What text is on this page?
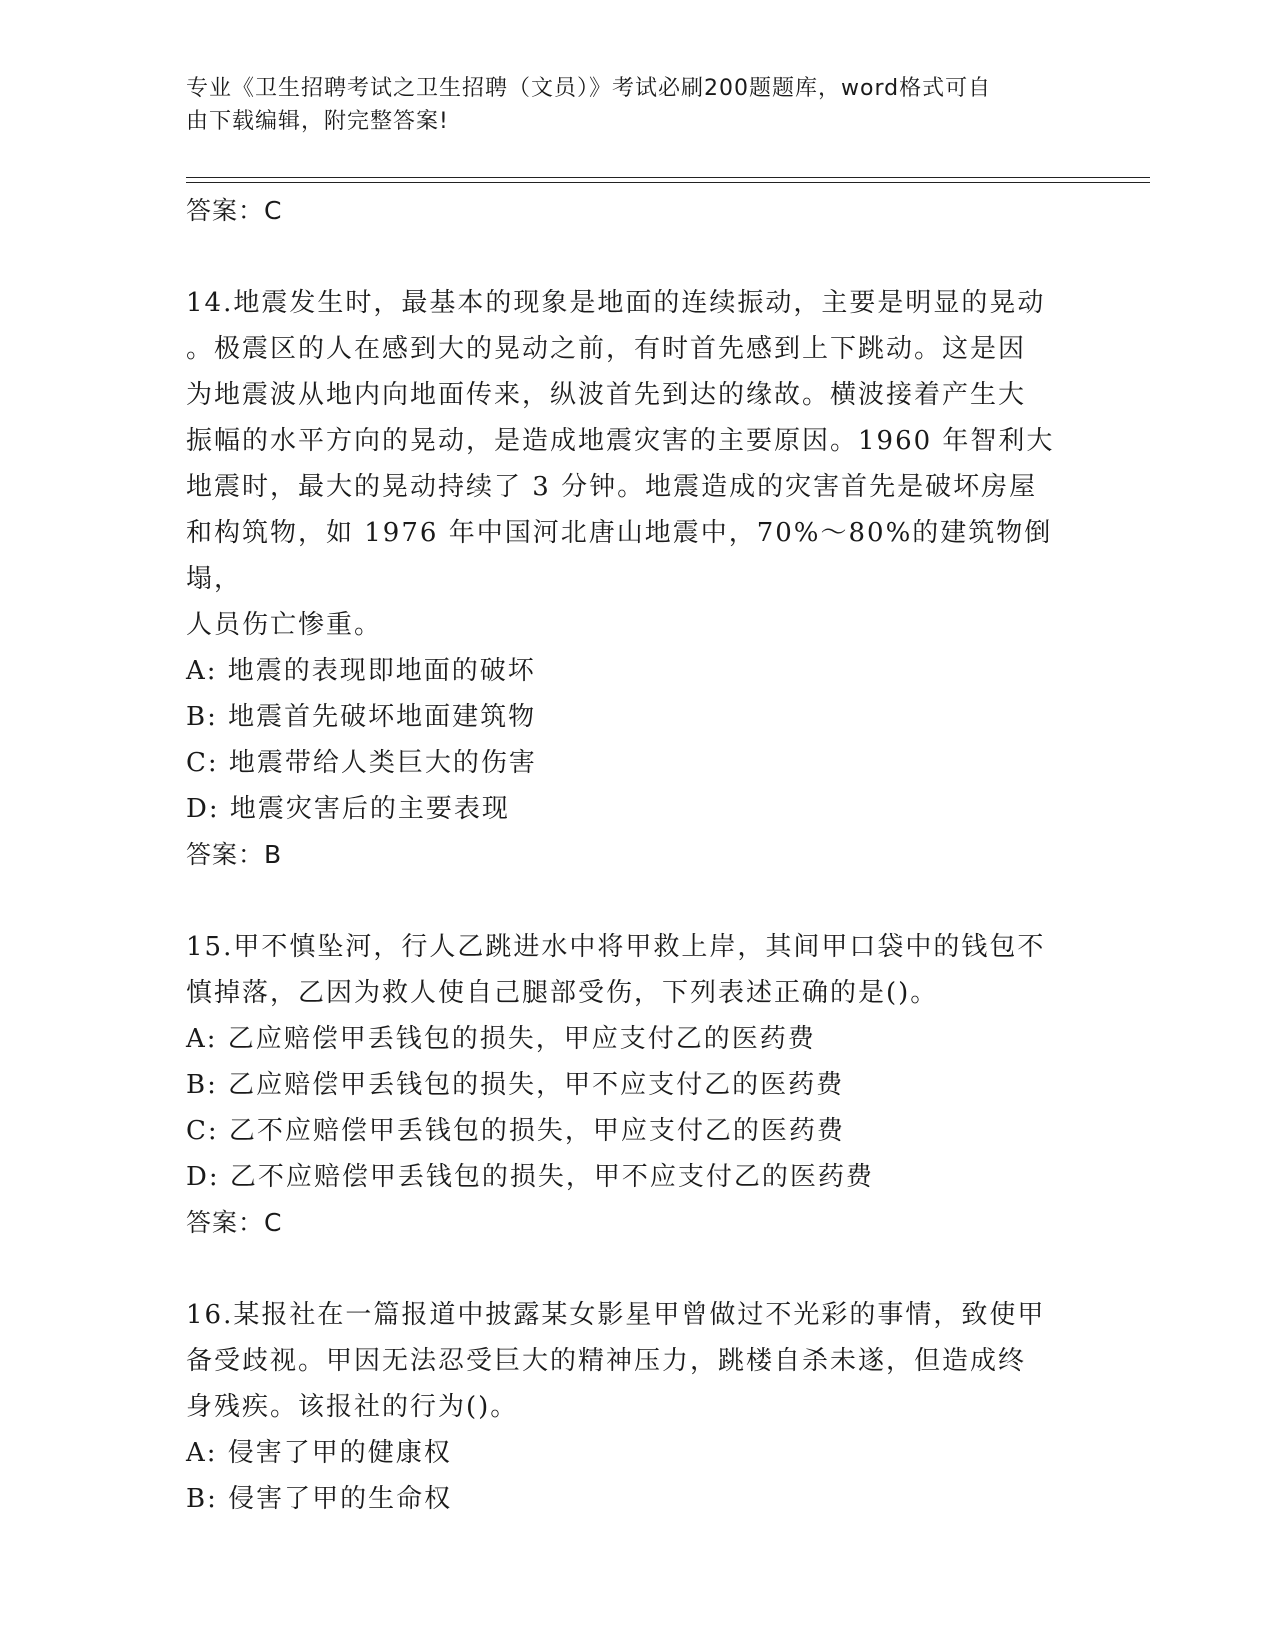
专业《卫生招聘考试之卫生招聘（文员）》考试必刷200题题库，word格式可自
由下载编辑，附完整答案!
答案：C
14.地震发生时，最基本的现象是地面的连续振动，主要是明显的晃动
。极震区的人在感到大的晃动之前，有时首先感到上下跳动。这是因
为地震波从地内向地面传来，纵波首先到达的缘故。横波接着产生大
振幅的水平方向的晃动，是造成地震灾害的主要原因。1960 年智利大
地震时，最大的晃动持续了 3 分钟。地震造成的灾害首先是破坏房屋
和构筑物，如 1976 年中国河北唐山地震中，70%～80%的建筑物倒塌，
人员伤亡惨重。
A: 地震的表现即地面的破坏
B: 地震首先破坏地面建筑物
C: 地震带给人类巨大的伤害
D: 地震灾害后的主要表现
答案：B
15.甲不慎坠河，行人乙跳进水中将甲救上岸，其间甲口袋中的钱包不
慎掉落，乙因为救人使自己腿部受伤，下列表述正确的是()。
A: 乙应赔偿甲丢钱包的损失，甲应支付乙的医药费
B: 乙应赔偿甲丢钱包的损失，甲不应支付乙的医药费
C: 乙不应赔偿甲丢钱包的损失，甲应支付乙的医药费
D: 乙不应赔偿甲丢钱包的损失，甲不应支付乙的医药费
答案：C
16.某报社在一篇报道中披露某女影星甲曾做过不光彩的事情，致使甲
备受歧视。甲因无法忍受巨大的精神压力，跳楼自杀未遂，但造成终
身残疾。该报社的行为()。
A: 侵害了甲的健康权
B: 侵害了甲的生命权
